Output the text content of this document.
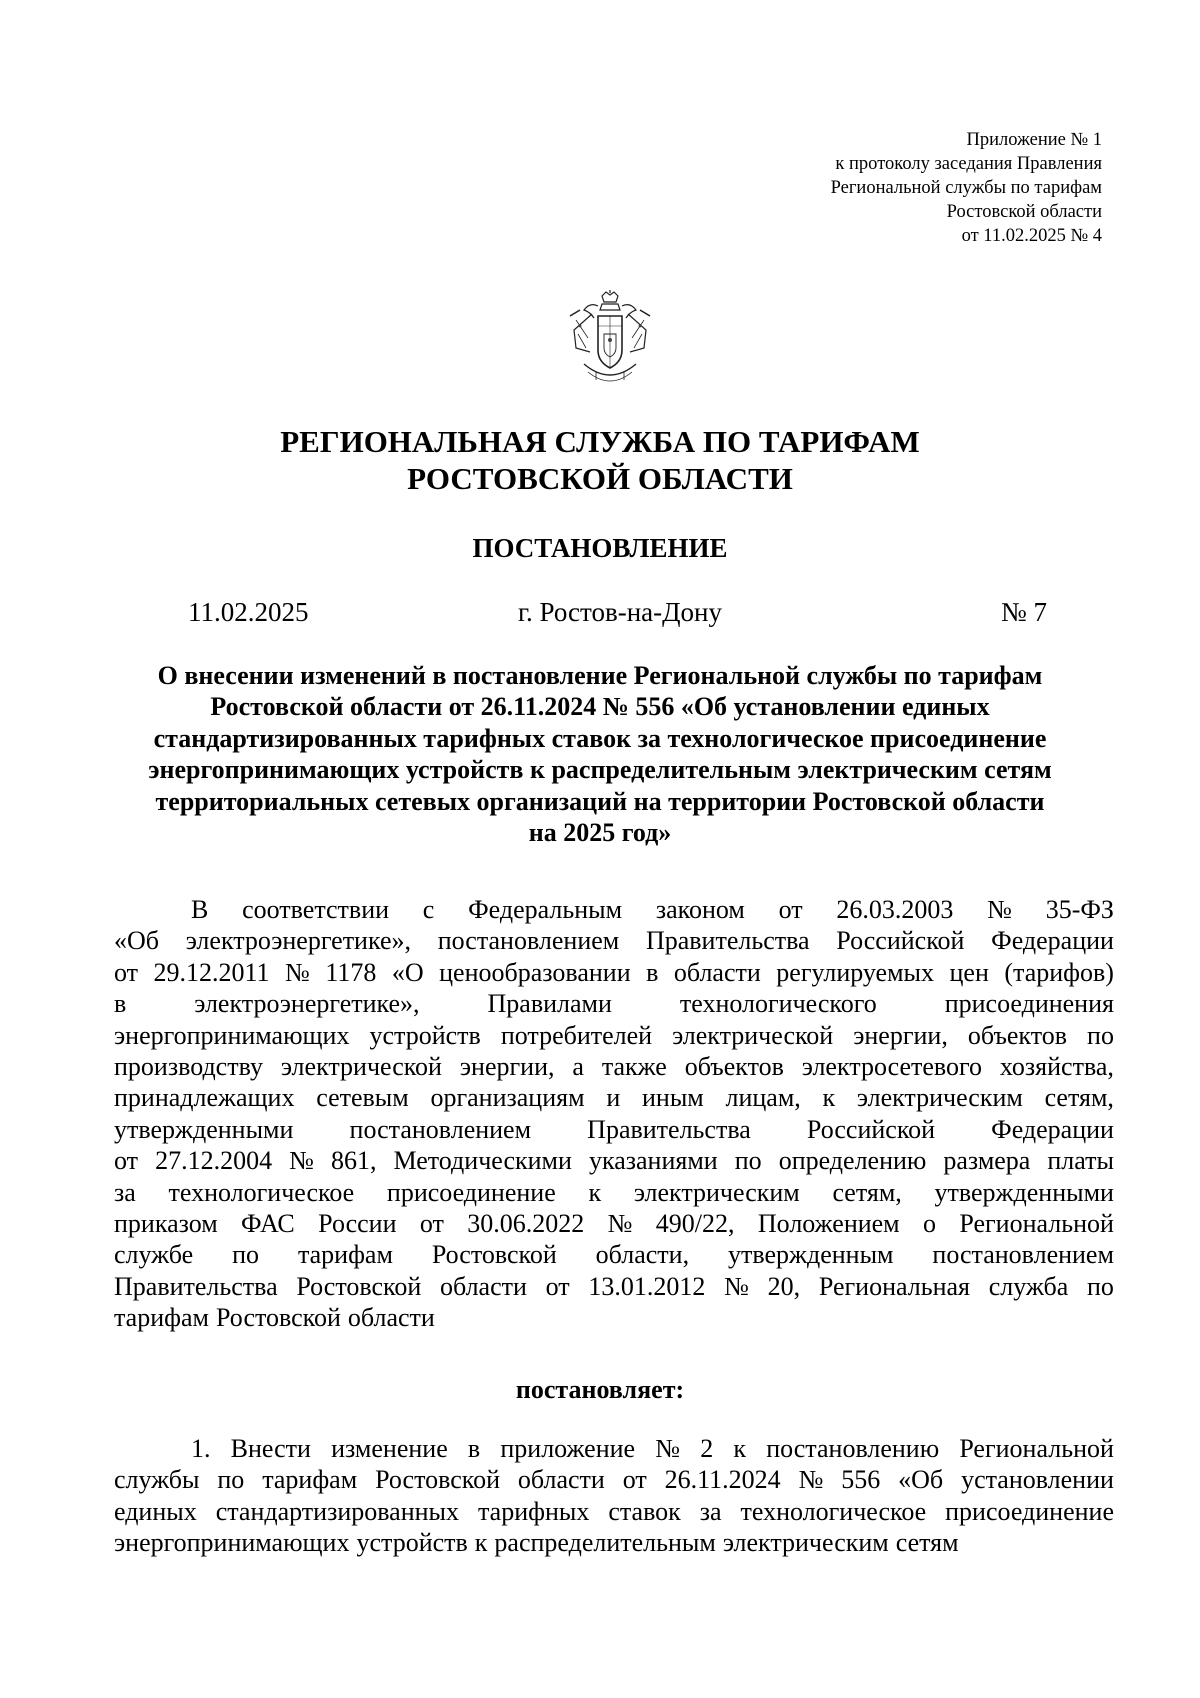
Приложение № 1
к протоколу заседания Правления
Региональной службы по тарифам
Ростовской области
от 11.02.2025 № 4
РЕГИОНАЛЬНАЯ СЛУЖБА ПО ТАРИФАМ
РОСТОВСКОЙ ОБЛАСТИ
ПОСТАНОВЛЕНИЕ
11.02.2025	г. Ростов-на-Дону	№ 7
О внесении изменений в постановление Региональной службы по тарифам
Ростовской области от 26.11.2024 № 556 «Об установлении единых
стандартизированных тарифных ставок за технологическое присоединение
энергопринимающих устройств к распределительным электрическим сетям
территориальных сетевых организаций на территории Ростовской области
на 2025 год»
В соответствии с Федеральным законом от 26.03.2003 № 35-ФЗ
«Об электроэнергетике», постановлением Правительства Российской Федерации
от 29.12.2011 № 1178 «О ценообразовании в области регулируемых цен (тарифов)
в	электроэнергетике»,	Правилами	технологического	присоединения
энергопринимающих устройств потребителей электрической энергии, объектов по
производству электрической энергии, а также объектов электросетевого хозяйства,
принадлежащих сетевым организациям и иным лицам, к электрическим сетям,
утвержденными постановлением Правительства Российской Федерации
от 27.12.2004 № 861, Методическими указаниями по определению размера платы
за технологическое присоединение к электрическим сетям, утвержденными
приказом ФАС России от 30.06.2022 № 490/22, Положением о Региональной
службе по тарифам Ростовской области, утвержденным постановлением
Правительства Ростовской области от 13.01.2012 № 20, Региональная служба по
тарифам Ростовской области
постановляет:
1. Внести изменение в приложение № 2 к постановлению Региональной
службы по тарифам Ростовской области от 26.11.2024 № 556 «Об установлении
единых стандартизированных тарифных ставок за технологическое присоединение
энергопринимающих устройств к распределительным электрическим сетям
